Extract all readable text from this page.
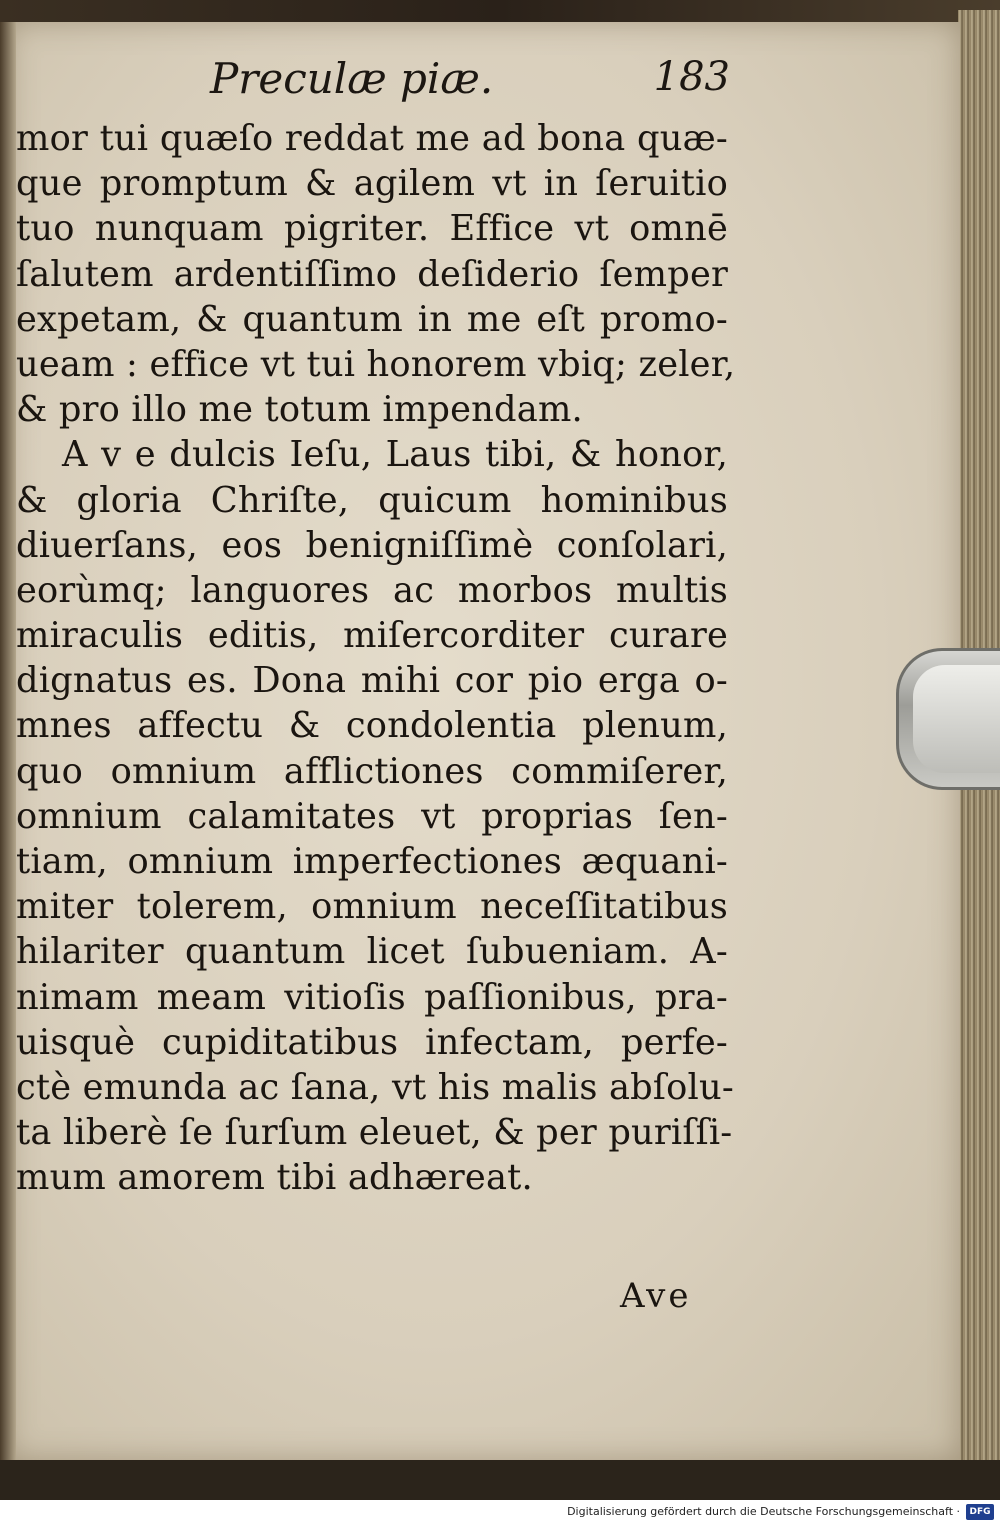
Preculæ piæ.	183
mor tui quæſo reddat me ad bona quæ-
que promptum & agilem vt in ſeruitio
tuo nunquam pigriter. Effice vt omnē
ſalutem ardentiſſimo deſiderio ſemper
expetam, & quantum in me eſt promo-
ueam : effice vt tui honorem vbiq; zeler,
& pro illo me totum impendam.
A v e dulcis Ieſu, Laus tibi, & honor,
& gloria Chriſte, quicum hominibus
diuerſans, eos benigniſſimè conſolari,
eorùmq; languores ac morbos multis
miraculis editis, miſercorditer curare
dignatus es. Dona mihi cor pio erga o-
mnes affectu & condolentia plenum,
quo omnium afflictiones commiſerer,
omnium calamitates vt proprias ſen-
tiam, omnium imperfectiones æquani-
miter tolerem, omnium neceſſitatibus
hilariter quantum licet ſubueniam. A-
nimam meam vitioſis paſſionibus, pra-
uisquè cupiditatibus infectam, perfe-
ctè emunda ac ſana, vt his malis abſolu-
ta liberè ſe ſurſum eleuet, & per puriſſi-
mum amorem tibi adhæreat.
Ave
Digitalisierung gefördert durch die Deutsche Forschungsgemeinschaft ·	DFG
